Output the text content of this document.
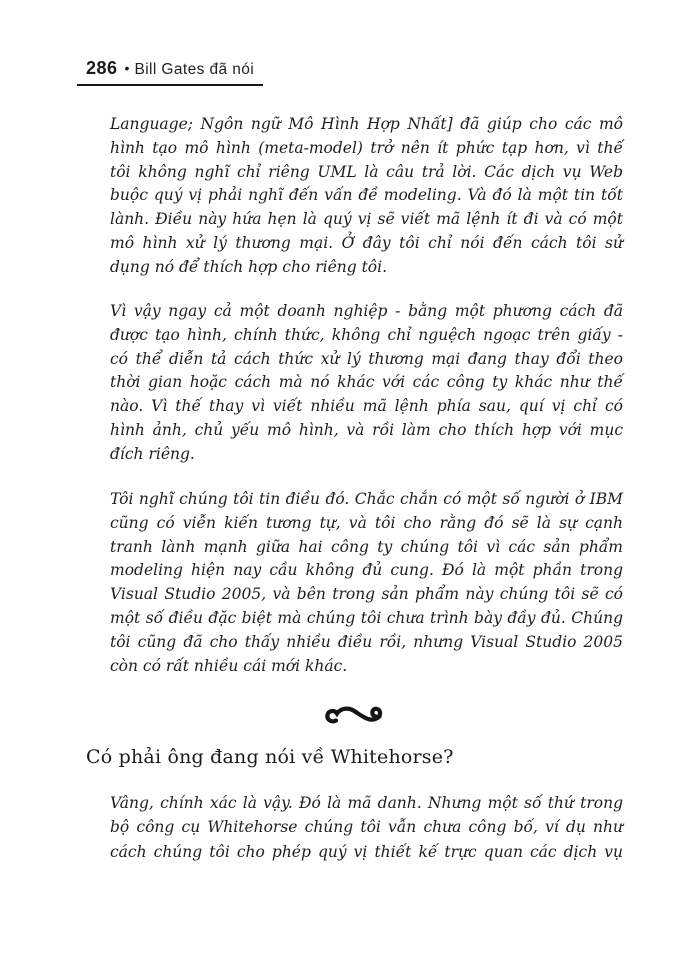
286 • Bill Gates đã nói
Language; Ngôn ngữ Mô Hình Hợp Nhất] đã giúp cho các mô
hình tạo mô hình (meta-model) trở nên ít phức tạp hơn, vì thế
tôi không nghĩ chỉ riêng UML là câu trả lời. Các dịch vụ Web
buộc quý vị phải nghĩ đến vấn đề modeling. Và đó là một tin tốt
lành. Điều này hứa hẹn là quý vị sẽ viết mã lệnh ít đi và có một
mô hình xử lý thương mại. Ở đây tôi chỉ nói đến cách tôi sử
dụng nó để thích hợp cho riêng tôi.
Vì vậy ngay cả một doanh nghiệp - bằng một phương cách đã
được tạo hình, chính thức, không chỉ nguệch ngoạc trên giấy -
có thể diễn tả cách thức xử lý thương mại đang thay đổi theo
thời gian hoặc cách mà nó khác với các công ty khác như thế
nào. Vì thế thay vì viết nhiều mã lệnh phía sau, quí vị chỉ có
hình ảnh, chủ yếu mô hình, và rồi làm cho thích hợp với mục
đích riêng.
Tôi nghĩ chúng tôi tin điều đó. Chắc chắn có một số người ở IBM
cũng có viễn kiến tương tự, và tôi cho rằng đó sẽ là sự cạnh
tranh lành mạnh giữa hai công ty chúng tôi vì các sản phẩm
modeling hiện nay cầu không đủ cung. Đó là một phần trong
Visual Studio 2005, và bên trong sản phẩm này chúng tôi sẽ có
một số điều đặc biệt mà chúng tôi chưa trình bày đầy đủ. Chúng
tôi cũng đã cho thấy nhiều điều rồi, nhưng Visual Studio 2005
còn có rất nhiều cái mới khác.
Có phải ông đang nói về Whitehorse?
Vâng, chính xác là vậy. Đó là mã danh. Nhưng một số thứ trong
bộ công cụ Whitehorse chúng tôi vẫn chưa công bố, ví dụ như
cách chúng tôi cho phép quý vị thiết kế trực quan các dịch vụ
